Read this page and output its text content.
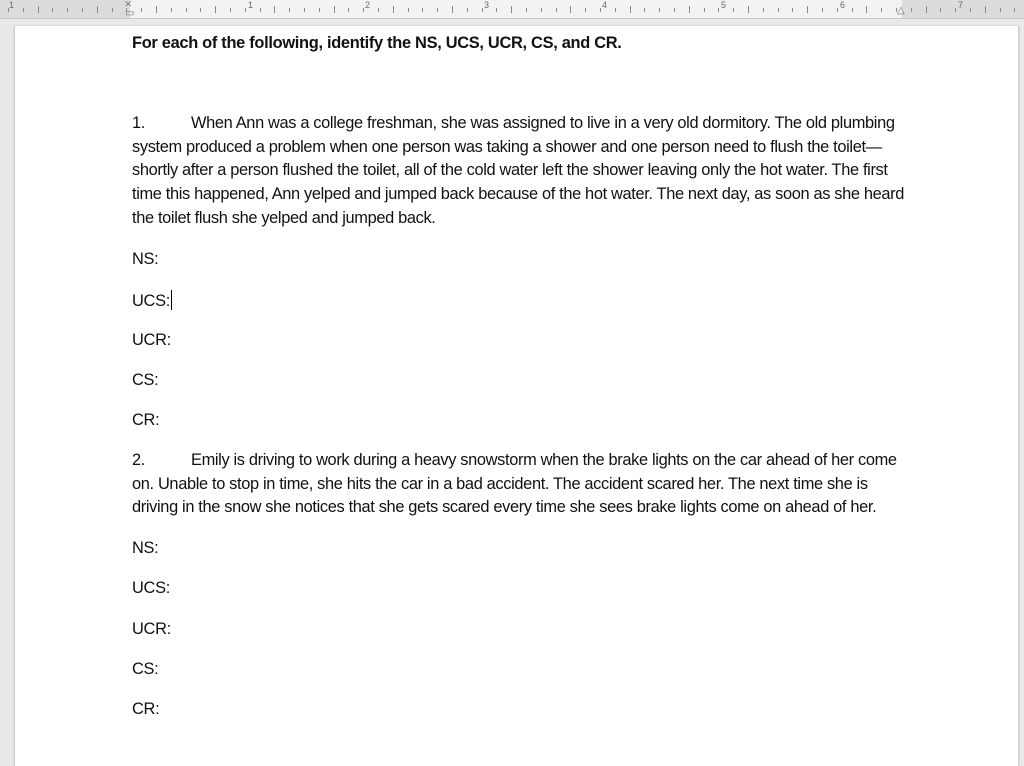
1	1	2	3	4	5	6	7
⨯
▭	△
For each of the following, identify the NS, UCS, UCR, CS, and CR.
1.	When Ann was a college freshman, she was assigned to live in a very old dormitory. The old plumbing system produced a problem when one person was taking a shower and one person need to flush the toilet—shortly after a person flushed the toilet, all of the cold water left the shower leaving only the hot water. The first time this happened, Ann yelped and jumped back because of the hot water. The next day, as soon as she heard the toilet flush she yelped and jumped back.
NS:
UCS:
UCR:
CS:
CR:
2.	Emily is driving to work during a heavy snowstorm when the brake lights on the car ahead of her come on. Unable to stop in time, she hits the car in a bad accident. The accident scared her. The next time she is driving in the snow she notices that she gets scared every time she sees brake lights come on ahead of her.
NS:
UCS:
UCR:
CS:
CR:
